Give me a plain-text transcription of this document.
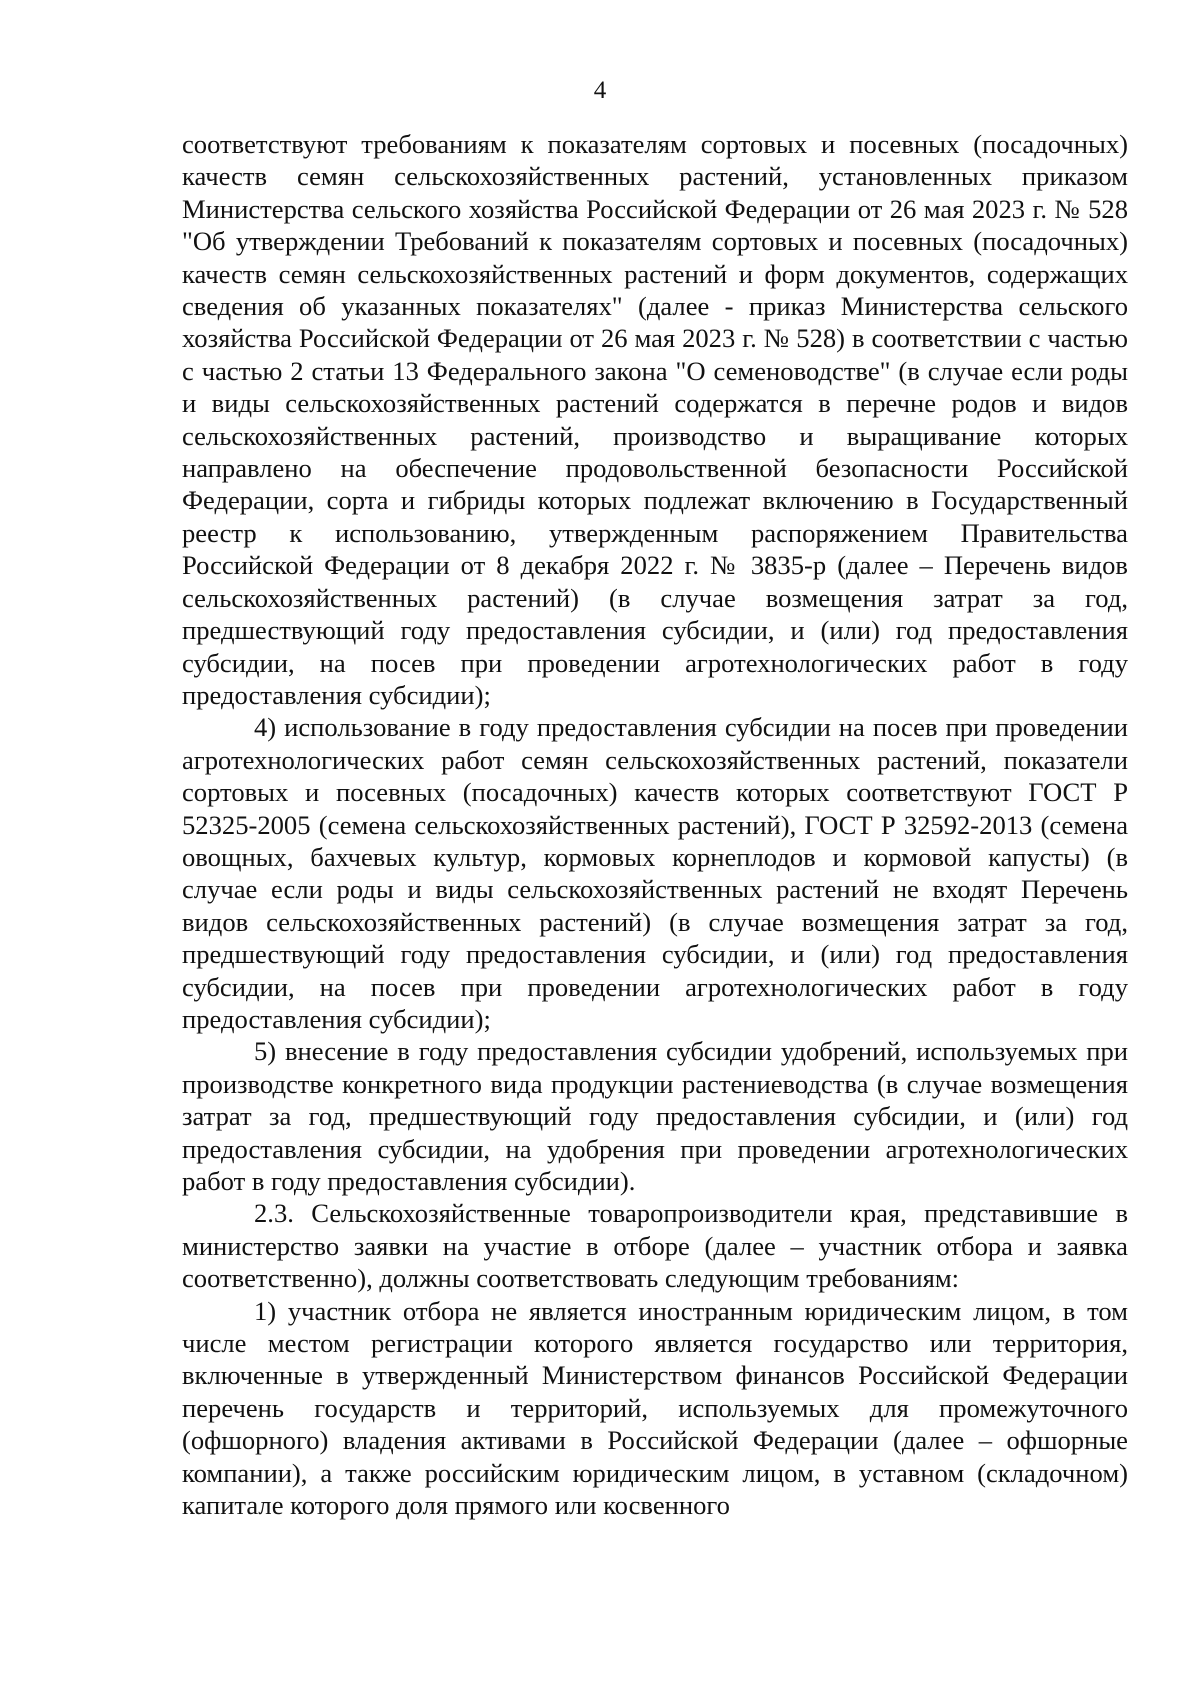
4

соответствуют требованиям к показателям сортовых и посевных (посадочных) качеств семян сельскохозяйственных растений, установленных приказом Министерства сельского хозяйства Российской Федерации от 26 мая 2023 г. № 528 "Об утверждении Требований к показателям сортовых и посевных (посадочных) качеств семян сельскохозяйственных растений и форм документов, содержащих сведения об указанных показателях" (далее - приказ Министерства сельского хозяйства Российской Федерации от 26 мая 2023 г. № 528) в соответствии с частью с частью 2 статьи 13 Федерального закона "О семеноводстве" (в случае если роды и виды сельскохозяйственных растений содержатся в перечне родов и видов сельскохозяйственных растений, производство и выращивание которых направлено на обеспечение продовольственной безопасности Российской Федерации, сорта и гибриды которых подлежат включению в Государственный реестр к использованию, утвержденным распоряжением Правительства Российской Федерации от 8 декабря 2022 г. № 3835-р (далее – Перечень видов сельскохозяйственных растений) (в случае возмещения затрат за год, предшествующий году предоставления субсидии, и (или) год предоставления субсидии, на посев при проведении агротехнологических работ в году предоставления субсидии);

4) использование в году предоставления субсидии на посев при проведении агротехнологических работ семян сельскохозяйственных растений, показатели сортовых и посевных (посадочных) качеств которых соответствуют ГОСТ Р 52325-2005 (семена сельскохозяйственных растений), ГОСТ Р 32592-2013 (семена овощных, бахчевых культур, кормовых корнеплодов и кормовой капусты) (в случае если роды и виды сельскохозяйственных растений не входят Перечень видов сельскохозяйственных растений) (в случае возмещения затрат за год, предшествующий году предоставления субсидии, и (или) год предоставления субсидии, на посев при проведении агротехнологических работ в году предоставления субсидии);

5) внесение в году предоставления субсидии удобрений, используемых при производстве конкретного вида продукции растениеводства (в случае возмещения затрат за год, предшествующий году предоставления субсидии, и (или) год предоставления субсидии, на удобрения при проведении агротехнологических работ в году предоставления субсидии).

2.3. Сельскохозяйственные товаропроизводители края, представившие в министерство заявки на участие в отборе (далее – участник отбора и заявка соответственно), должны соответствовать следующим требованиям:

1) участник отбора не является иностранным юридическим лицом, в том числе местом регистрации которого является государство или территория, включенные в утвержденный Министерством финансов Российской Федерации перечень государств и территорий, используемых для промежуточного (офшорного) владения активами в Российской Федерации (далее – офшорные компании), а также российским юридическим лицом, в уставном (складочном) капитале которого доля прямого или косвенного
